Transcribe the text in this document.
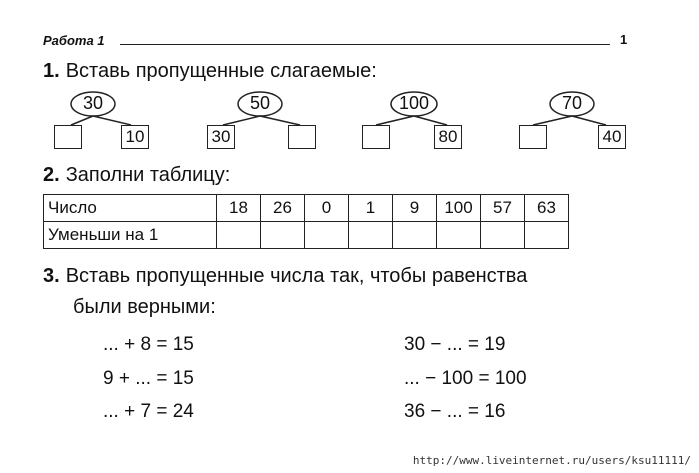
Работа 1	1
1. Вставь пропущенные слагаемые:
30
10
50
30
100
80
70
40
2. Заполни таблицу:
Число	18	26	0	1	9	100	57	63
Уменьши на 1								
3. Вставь пропущенные числа так, чтобы равенства
были верными:
... + 8 = 15
9 + ... = 15
... + 7 = 24
30 − ... = 19
... − 100 = 100
36 − ... = 16
http://www.liveinternet.ru/users/ksu11111/
